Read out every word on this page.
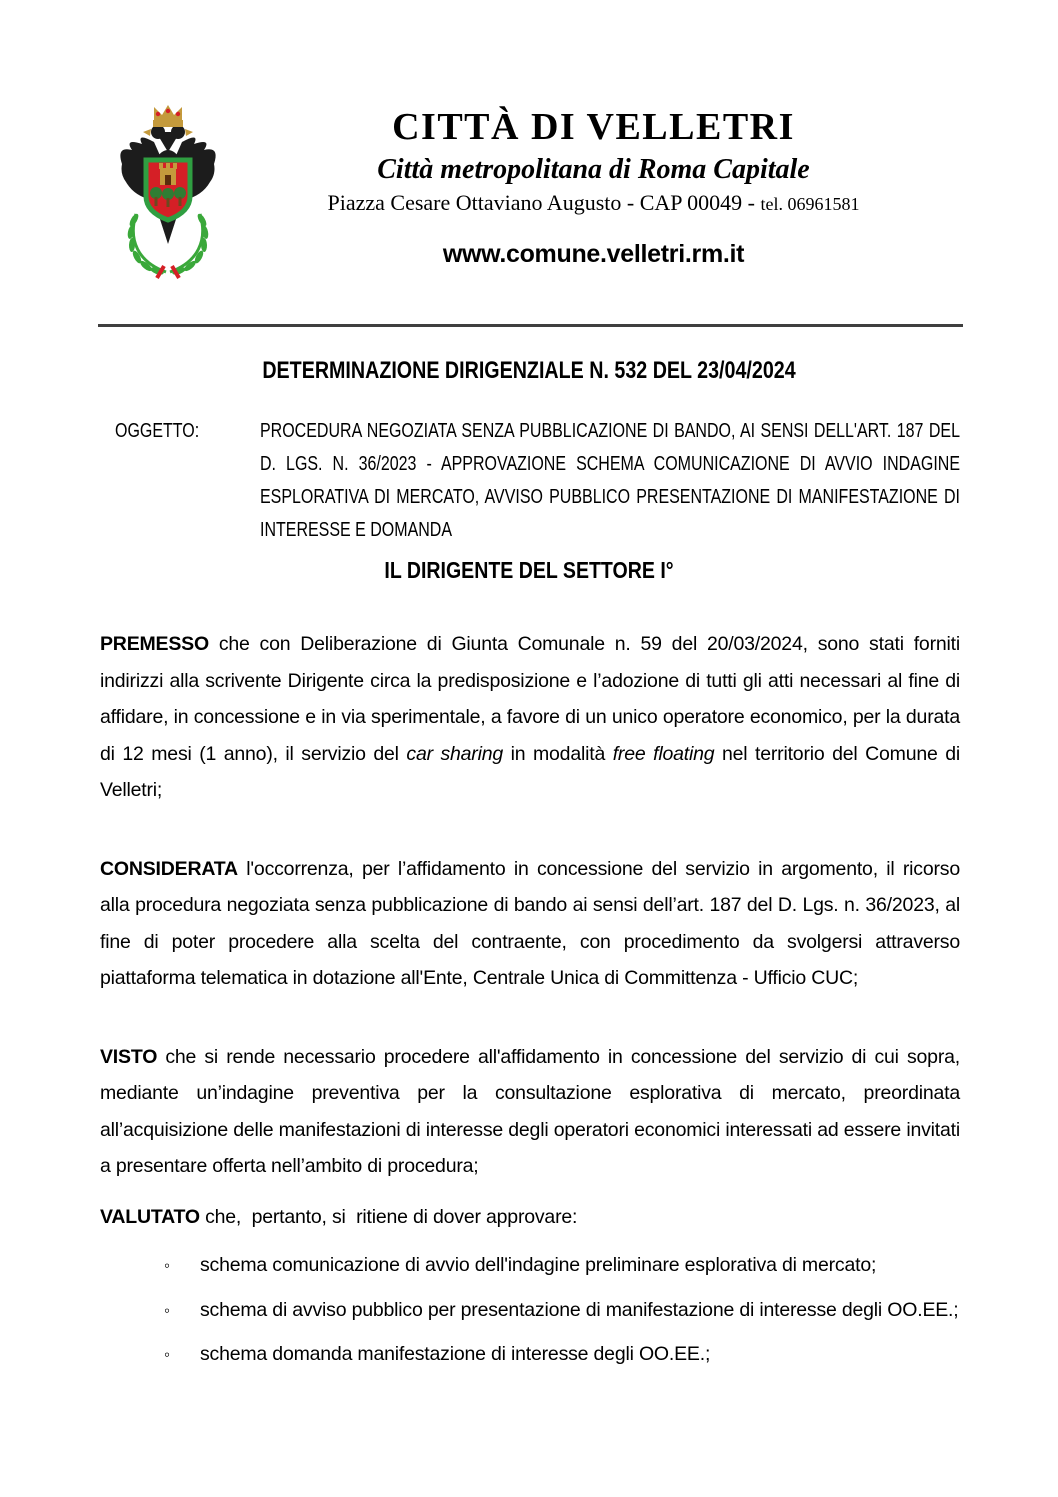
CITTÀ DI VELLETRI
Città metropolitana di Roma Capitale
Piazza Cesare Ottaviano Augusto - CAP 00049 - tel. 06961581
www.comune.velletri.rm.it
DETERMINAZIONE DIRIGENZIALE N. 532 DEL 23/04/2024
OGGETTO:	PROCEDURA NEGOZIATA SENZA PUBBLICAZIONE DI BANDO, AI SENSI DELL'ART. 187 DEL D. LGS. N. 36/2023 - APPROVAZIONE SCHEMA COMUNICAZIONE DI AVVIO INDAGINE ESPLORATIVA DI MERCATO, AVVISO PUBBLICO PRESENTAZIONE DI MANIFESTAZIONE DI INTERESSE E DOMANDA
IL DIRIGENTE DEL SETTORE I°

PREMESSO che con Deliberazione di Giunta Comunale n. 59 del 20/03/2024, sono stati forniti indirizzi alla scrivente Dirigente circa la predisposizione e l’adozione di tutti gli atti necessari al fine di affidare, in concessione e in via sperimentale, a favore di un unico operatore economico, per la durata di 12 mesi (1 anno), il servizio del car sharing in modalità free floating nel territorio del Comune di Velletri;

CONSIDERATA l'occorrenza, per l’affidamento in concessione del servizio in argomento, il ricorso alla procedura negoziata senza pubblicazione di bando ai sensi dell’art. 187 del D. Lgs. n. 36/2023, al fine di poter procedere alla scelta del contraente, con procedimento da svolgersi attraverso piattaforma telematica in dotazione all'Ente, Centrale Unica di Committenza - Ufficio CUC;

VISTO che si rende necessario procedere all'affidamento in concessione del servizio di cui sopra, mediante un’indagine preventiva per la consultazione esplorativa di mercato, preordinata all’acquisizione delle manifestazioni di interesse degli operatori economici interessati ad essere invitati a presentare offerta nell’ambito di procedura;

VALUTATO che,  pertanto, si  ritiene di dover approvare:

◦ schema comunicazione di avvio dell'indagine preliminare esplorativa di mercato;
◦ schema di avviso pubblico per presentazione di manifestazione di interesse degli OO.EE.;
◦ schema domanda manifestazione di interesse degli OO.EE.;
